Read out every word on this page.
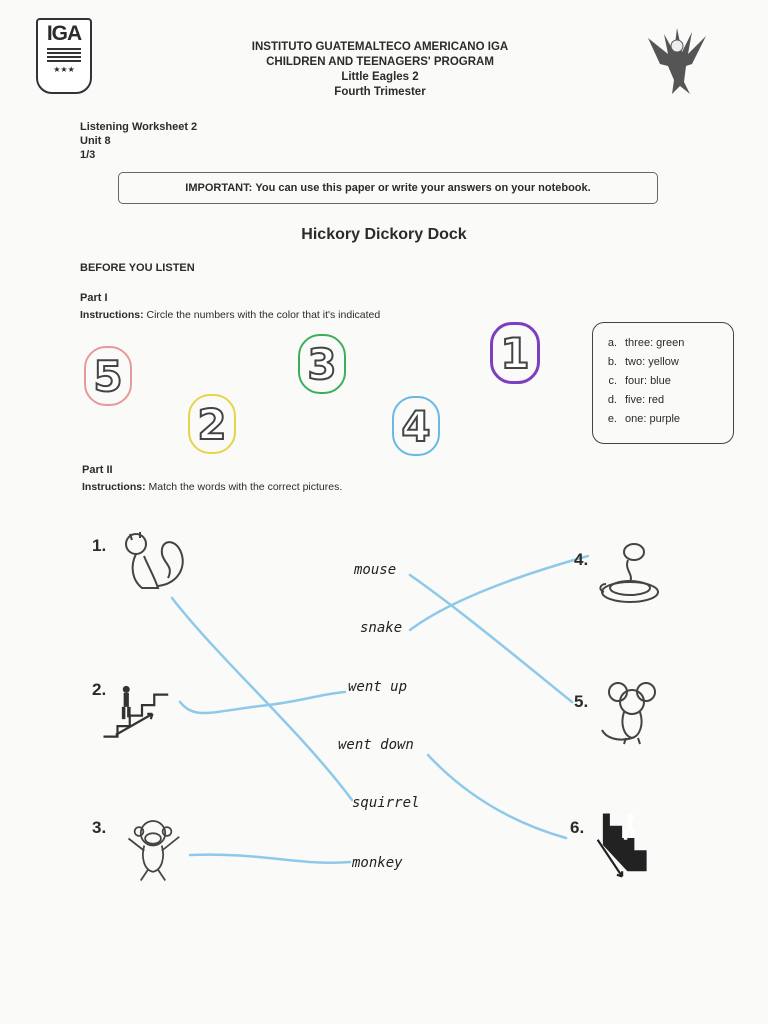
IGA
★★★
INSTITUTO GUATEMALTECO AMERICANO IGA
CHILDREN AND TEENAGERS' PROGRAM
Little Eagles 2
Fourth Trimester
Listening Worksheet 2
Unit 8
1/3
IMPORTANT:
You can use this paper or write your answers on your notebook.
Hickory Dickory Dock
BEFORE YOU LISTEN
Part I
Instructions: Circle the numbers with the color that it's indicated
5
2
3
4
1	a. three: green
b. two: yellow
c. four: blue
d. five: red
e. one: purple
Part II
Instructions: Match the words with the correct pictures.
1.
2.
3.
4.
5.
6.
mouse
snake
went up
went down
squirrel
monkey
